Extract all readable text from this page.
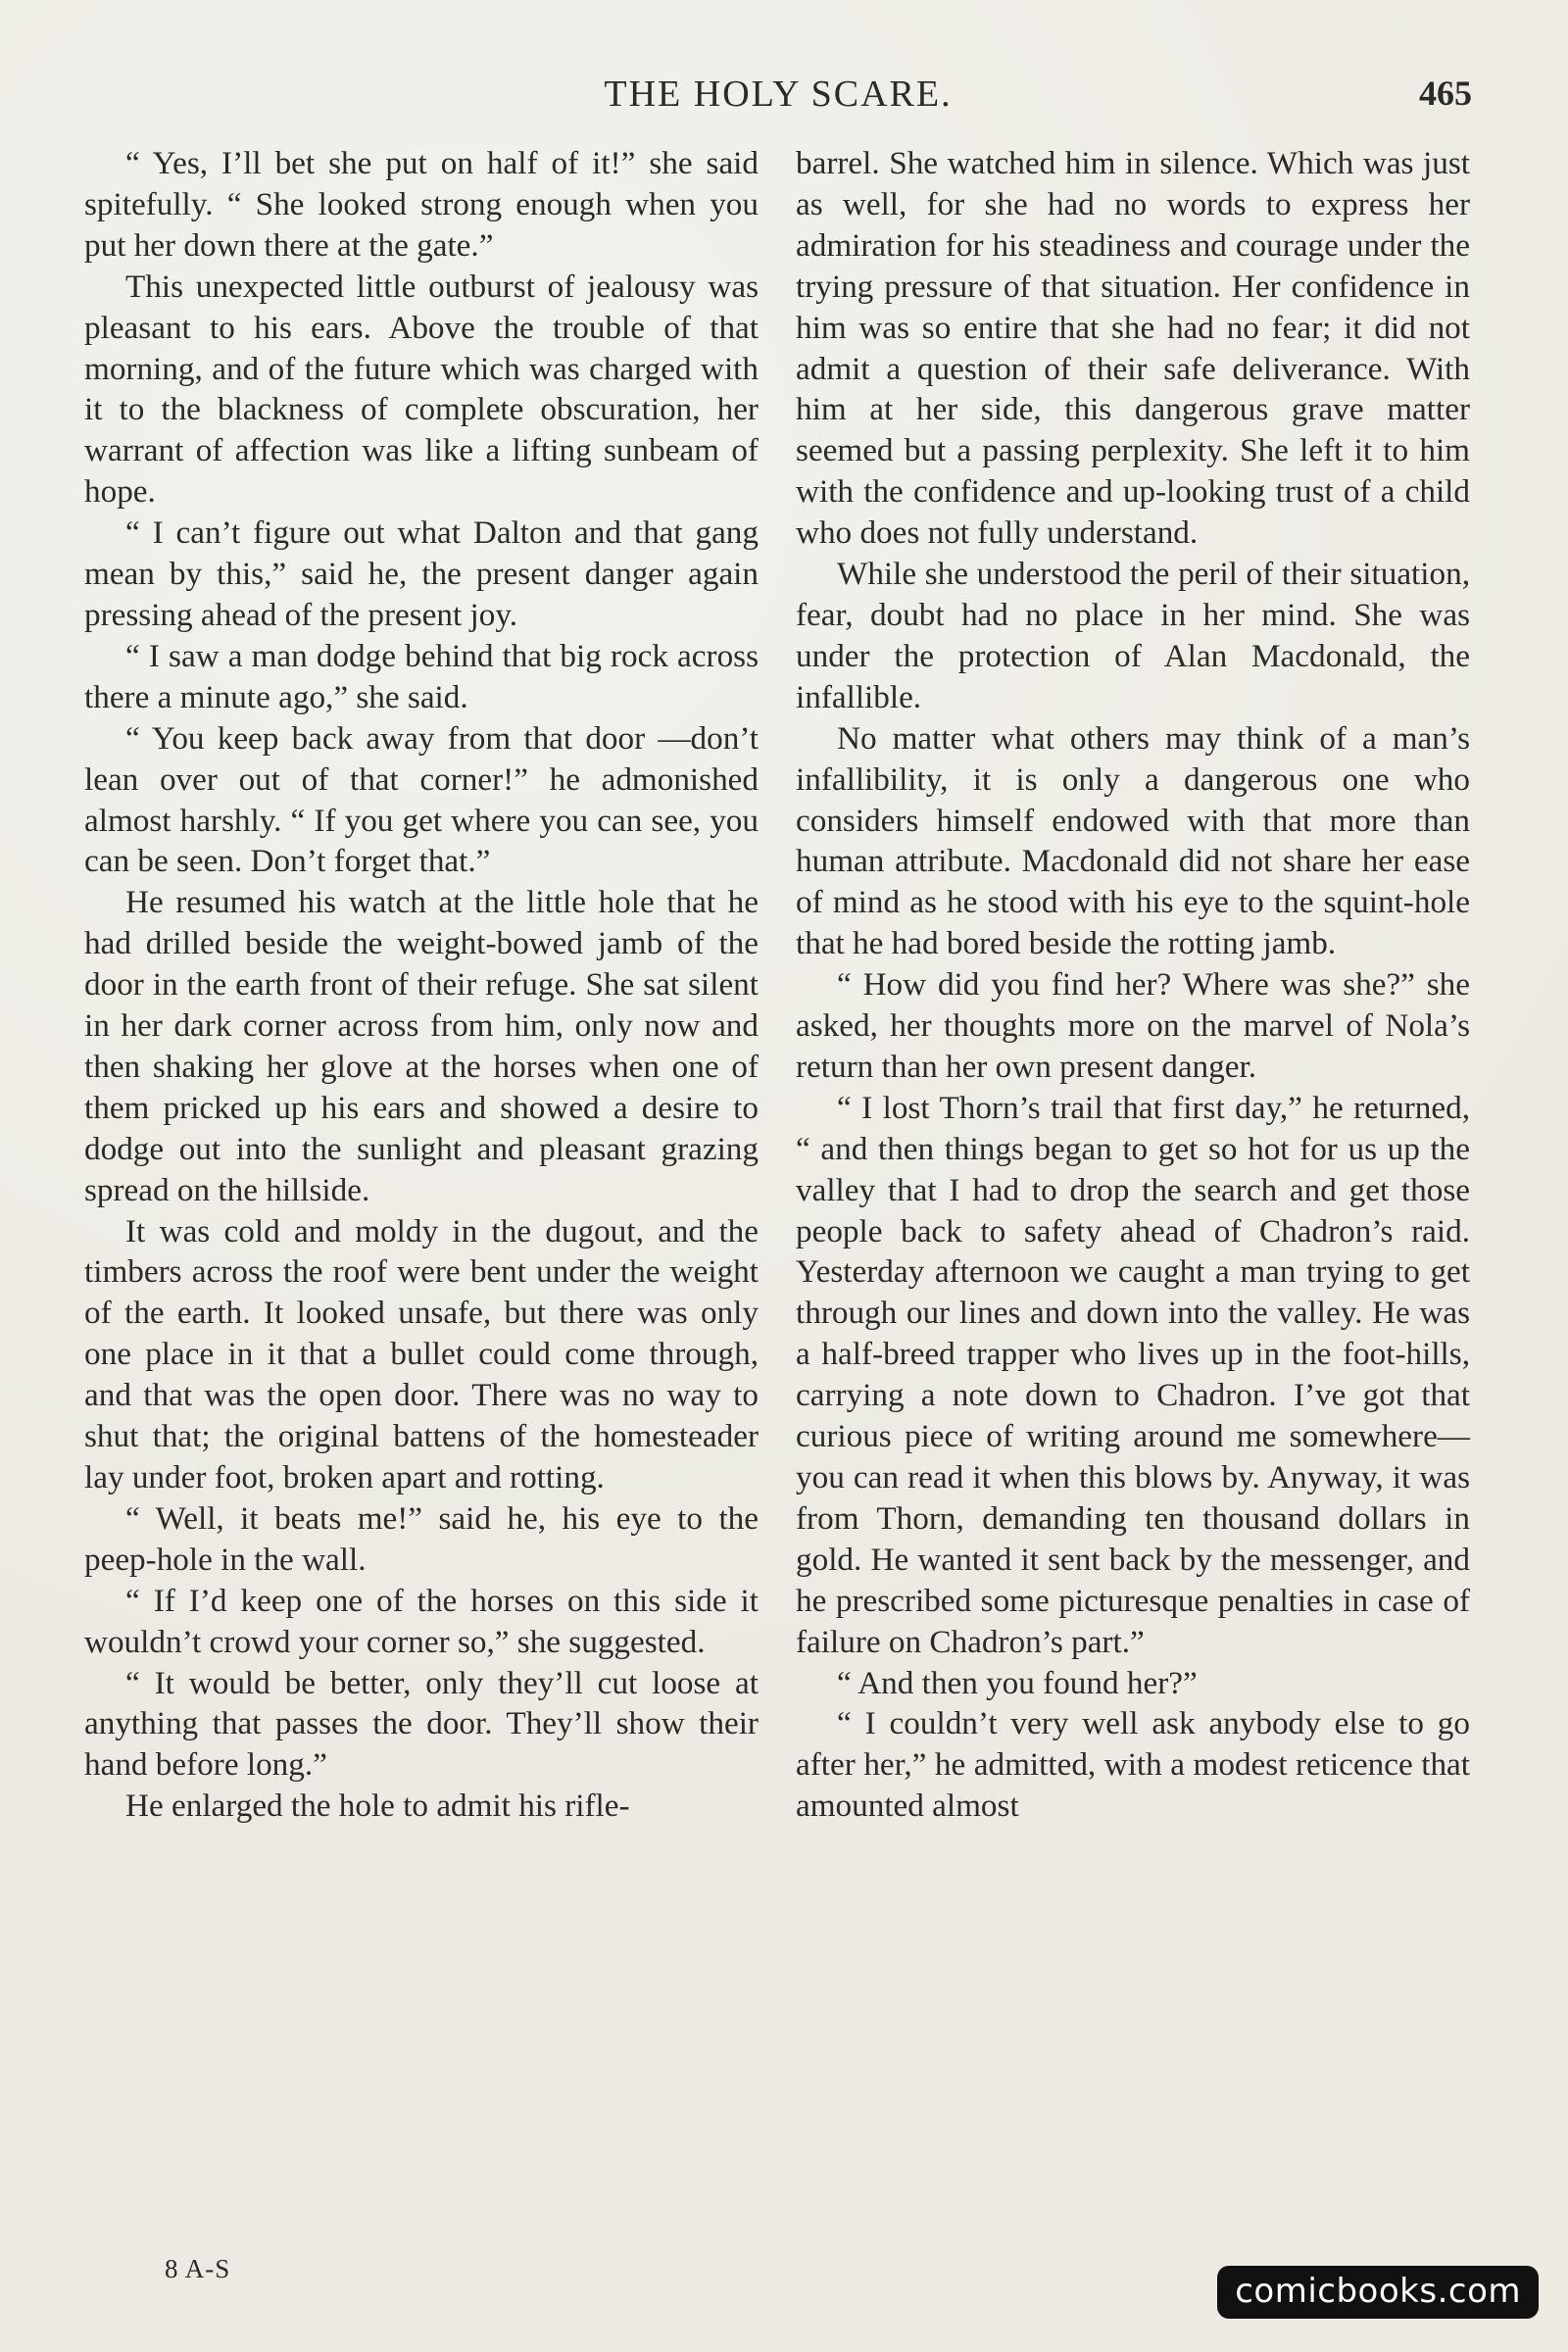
THE HOLY SCARE.	465

“ Yes, I’ll bet she put on half of it!” she said spitefully. “ She looked strong enough when you put her down there at the gate.”

This unexpected little outburst of jealousy was pleasant to his ears. Above the trouble of that morning, and of the future which was charged with it to the blackness of complete obscuration, her warrant of affection was like a lifting sunbeam of hope.

“ I can’t figure out what Dalton and that gang mean by this,” said he, the present danger again pressing ahead of the present joy.

“ I saw a man dodge behind that big rock across there a minute ago,” she said.

“ You keep back away from that door —don’t lean over out of that corner!” he admonished almost harshly. “ If you get where you can see, you can be seen. Don’t forget that.”

He resumed his watch at the little hole that he had drilled beside the weight-bowed jamb of the door in the earth front of their refuge. She sat silent in her dark corner across from him, only now and then shaking her glove at the horses when one of them pricked up his ears and showed a desire to dodge out into the sunlight and pleasant grazing spread on the hillside.

It was cold and moldy in the dugout, and the timbers across the roof were bent under the weight of the earth. It looked unsafe, but there was only one place in it that a bullet could come through, and that was the open door. There was no way to shut that; the original battens of the homesteader lay under foot, broken apart and rotting.

“ Well, it beats me!” said he, his eye to the peep-hole in the wall.

“ If I’d keep one of the horses on this side it wouldn’t crowd your corner so,” she suggested.

“ It would be better, only they’ll cut loose at anything that passes the door. They’ll show their hand before long.”

He enlarged the hole to admit his rifle-

barrel. She watched him in silence. Which was just as well, for she had no words to express her admiration for his steadiness and courage under the trying pressure of that situation. Her confidence in him was so entire that she had no fear; it did not admit a question of their safe deliverance. With him at her side, this dangerous grave matter seemed but a passing perplexity. She left it to him with the confidence and up-looking trust of a child who does not fully understand.

While she understood the peril of their situation, fear, doubt had no place in her mind. She was under the protection of Alan Macdonald, the infallible.

No matter what others may think of a man’s infallibility, it is only a dangerous one who considers himself endowed with that more than human attribute. Macdonald did not share her ease of mind as he stood with his eye to the squint-hole that he had bored beside the rotting jamb.

“ How did you find her? Where was she?” she asked, her thoughts more on the marvel of Nola’s return than her own present danger.

“ I lost Thorn’s trail that first day,” he returned, “ and then things began to get so hot for us up the valley that I had to drop the search and get those people back to safety ahead of Chadron’s raid. Yesterday afternoon we caught a man trying to get through our lines and down into the valley. He was a half-breed trapper who lives up in the foot-hills, carrying a note down to Chadron. I’ve got that curious piece of writing around me somewhere—you can read it when this blows by. Anyway, it was from Thorn, demanding ten thousand dollars in gold. He wanted it sent back by the messenger, and he prescribed some picturesque penalties in case of failure on Chadron’s part.”

“ And then you found her?”

“ I couldn’t very well ask anybody else to go after her,” he admitted, with a modest reticence that amounted almost

8 A-S
comicbooks.com
